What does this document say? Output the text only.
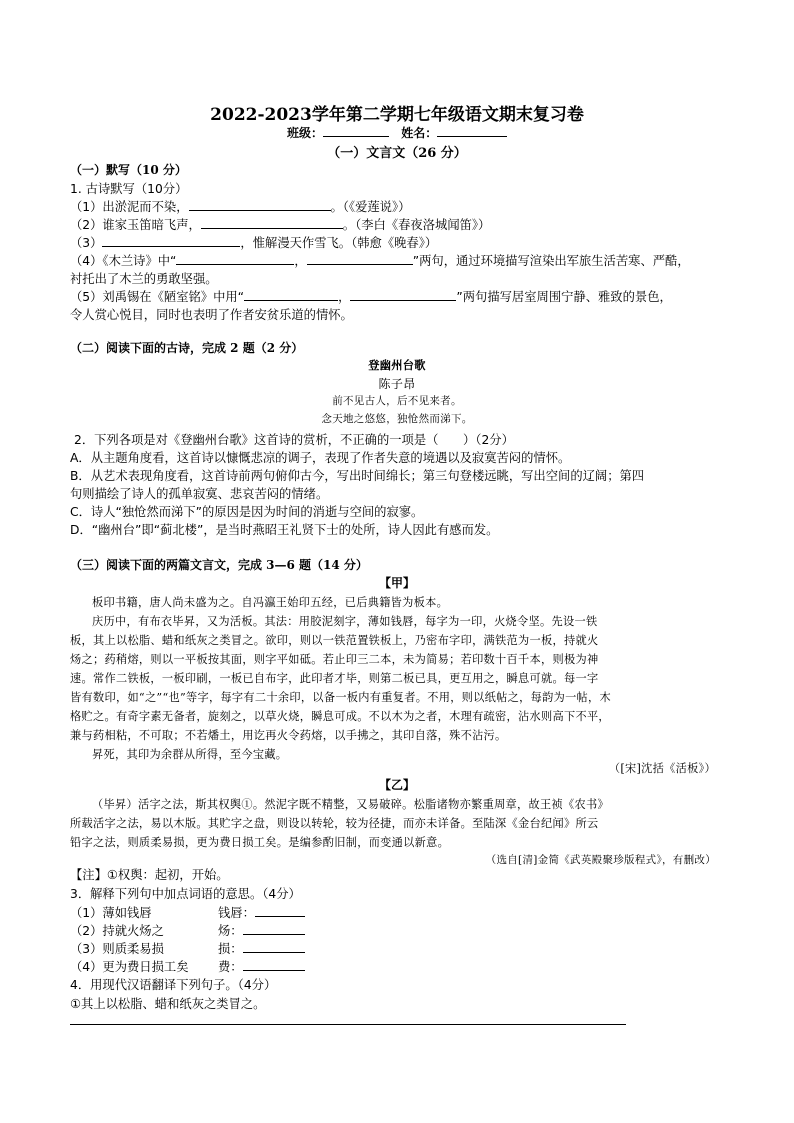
2022-2023学年第二学期七年级语文期末复习卷
班级：	姓名：
（一）文言文（26 分）
（一）默写（10 分）
1. 古诗默写（10分）
（1）出淤泥而不染，	。（《爱莲说》）
（2）谁家玉笛暗飞声，	。（李白《春夜洛城闻笛》）
（3）	，惟解漫天作雪飞。（韩愈《晚春》）
（4）《木兰诗》中“	，	”两句，通过环境描写渲染出军旅生活苦寒、严酷，
衬托出了木兰的勇敢坚强。
（5）刘禹锡在《陋室铭》中用“	，	”两句描写居室周围宁静、雅致的景色，
令人赏心悦目，同时也表明了作者安贫乐道的情怀。
（二）阅读下面的古诗，完成 2 题（2 分）
登幽州台歌
陈子昂
前不见古人，后不见来者。
念天地之悠悠，独怆然而涕下。
2．下列各项是对《登幽州台歌》这首诗的赏析，不正确的一项是（　　）（2分）
A．从主题角度看，这首诗以慷慨悲凉的调子，表现了作者失意的境遇以及寂寞苦闷的情怀。
B．从艺术表现角度看，这首诗前两句俯仰古今，写出时间绵长；第三句登楼远眺，写出空间的辽阔；第四
句则描绘了诗人的孤单寂寞、悲哀苦闷的情绪。
C．诗人“独怆然而涕下”的原因是因为时间的消逝与空间的寂寥。
D．“幽州台”即“蓟北楼”，是当时燕昭王礼贤下士的处所，诗人因此有感而发。
（三）阅读下面的两篇文言文，完成 3—6 题（14 分）
【甲】
板印书籍，唐人尚未盛为之。自冯瀛王始印五经，已后典籍皆为板本。
庆历中，有布衣毕昇，又为活板。其法：用胶泥刻字，薄如钱唇，每字为一印，火烧令坚。先设一铁
板，其上以松脂、蜡和纸灰之类冒之。欲印，则以一铁范置铁板上，乃密布字印，满铁范为一板，持就火
炀之；药稍熔，则以一平板按其面，则字平如砥。若止印三二本，未为简易；若印数十百千本，则极为神
速。常作二铁板，一板印刷，一板已自布字，此印者才毕，则第二板已具，更互用之，瞬息可就。每一字
皆有数印，如“之”“也”等字，每字有二十余印，以备一板内有重复者。不用，则以纸帖之，每韵为一帖，木
格贮之。有奇字素无备者，旋刻之，以草火烧，瞬息可成。不以木为之者，木理有疏密，沾水则高下不平，
兼与药相粘，不可取；不若燔土，用讫再火令药熔，以手拂之，其印自落，殊不沾污。
昇死，其印为余群从所得，至今宝藏。
（[宋]沈括《活板》）
【乙】
（毕昇）活字之法，斯其权舆①。然泥字既不精整，又易破碎。松脂诸物亦繁重周章，故王祯《农书》
所载活字之法，易以木版。其贮字之盘，则设以转轮，较为径捷，而亦未详备。至陆深《金台纪闻》所云
铅字之法，则质柔易损，更为费日损工矣。是编参酌旧制，而变通以新意。
（选自[清]金简《武英殿聚珍版程式》，有删改）
【注】①权舆：起初，开始。
3．解释下列句中加点词语的意思。（4分）
（1）薄如钱唇	钱唇：
（2）持就火炀之	炀：
（3）则质柔易损	损：
（4）更为费日损工矣 费：
4．用现代汉语翻译下列句子。（4分）
①其上以松脂、蜡和纸灰之类冒之。
